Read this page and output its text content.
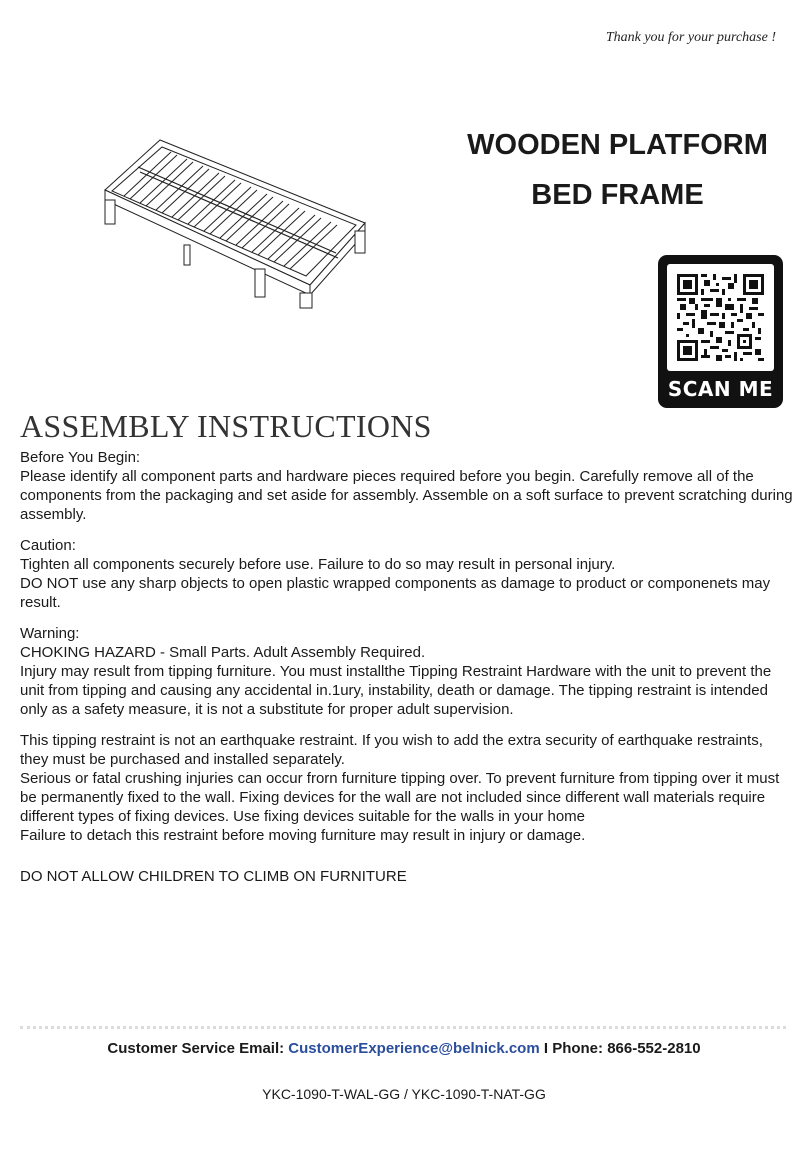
Thank you for your purchase !
WOODEN PLATFORM
BED FRAME
SCAN ME
ASSEMBLY INSTRUCTIONS

Before You Begin:

Please identify all component parts and hardware pieces required before you begin. Carefully remove all of the components from the packaging and set aside for assembly. Assemble on a soft surface to prevent scratching during assembly.

Caution:

Tighten all components securely before use. Failure to do so may result in personal injury.

DO NOT use any sharp objects to open plastic wrapped components as damage to product or componenets may result.

Warning:

CHOKING HAZARD - Small Parts. Adult Assembly Required.

Injury may result from tipping furniture. You must installthe Tipping Restraint Hardware with the unit to prevent the unit from tipping and causing any accidental in.1ury, instability, death or damage. The tipping restraint is intended only as a safety measure, it is not a substitute for proper adult supervision.

This tipping restraint is not an earthquake restraint. If you wish to add the extra security of earthquake restraints, they must be purchased and installed separately.

Serious or fatal crushing injuries can occur frorn furniture tipping over. To prevent furniture from tipping over it must be permanently fixed to the wall. Fixing devices for the wall are not included since different wall materials require different types of fixing devices. Use fixing devices suitable for the walls in your home

Failure to detach this restraint before moving furniture may result in injury or damage.

DO NOT ALLOW CHILDREN TO CLIMB ON FURNITURE

Customer Service Email: CustomerExperience@belnick.com I Phone: 866-552-2810
YKC-1090-T-WAL-GG / YKC-1090-T-NAT-GG
